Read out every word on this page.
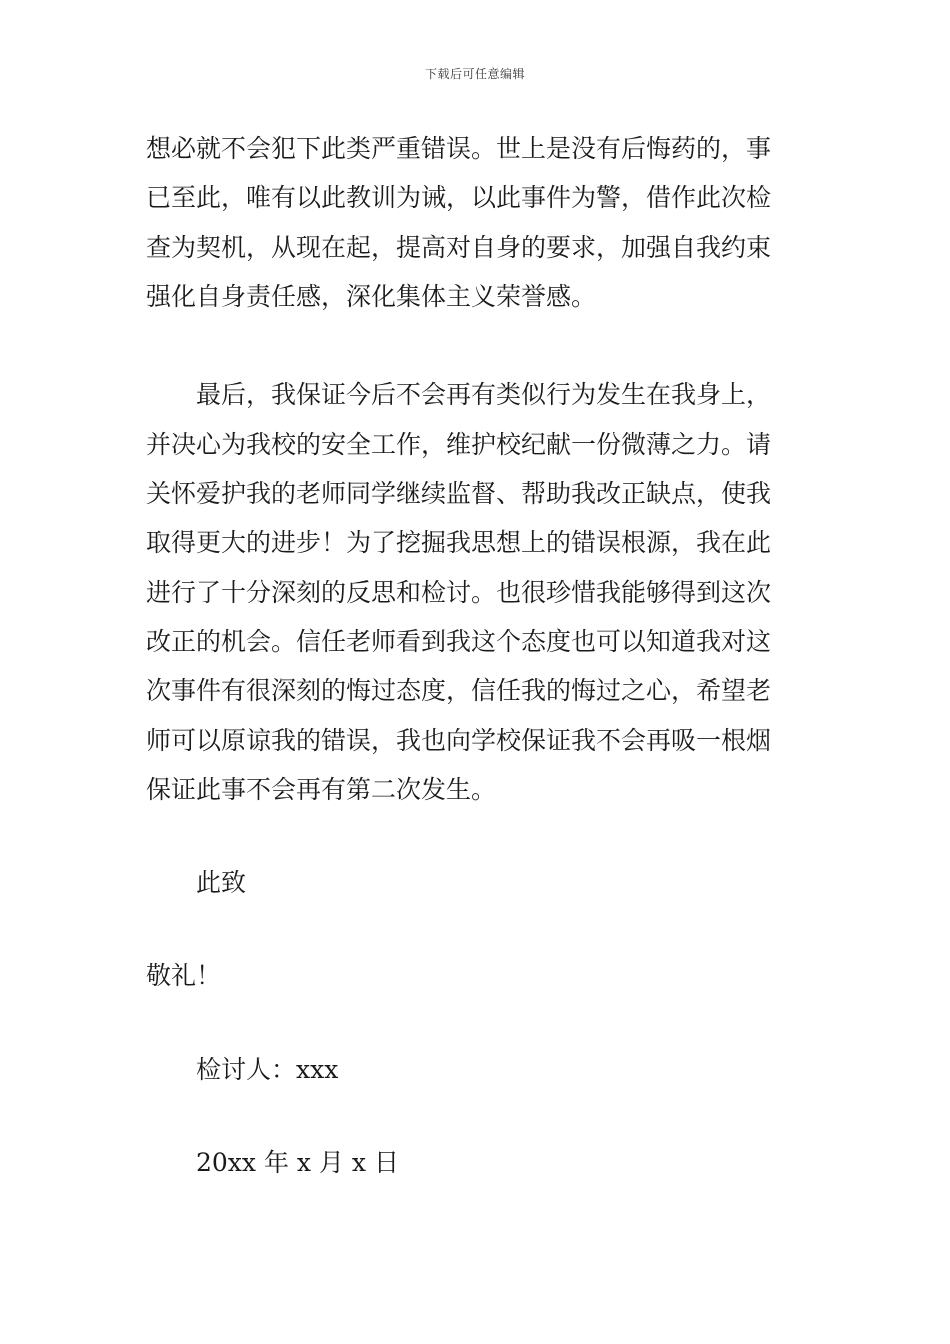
下载后可任意编辑
想必就不会犯下此类严重错误。世上是没有后悔药的，事
已至此，唯有以此教训为诫，以此事件为警，借作此次检
查为契机，从现在起，提高对自身的要求，加强自我约束
强化自身责任感，深化集体主义荣誉感。
最后，我保证今后不会再有类似行为发生在我身上，
并决心为我校的安全工作，维护校纪献一份微薄之力。请
关怀爱护我的老师同学继续监督、帮助我改正缺点，使我
取得更大的进步！为了挖掘我思想上的错误根源，我在此
进行了十分深刻的反思和检讨。也很珍惜我能够得到这次
改正的机会。信任老师看到我这个态度也可以知道我对这
次事件有很深刻的悔过态度，信任我的悔过之心，希望老
师可以原谅我的错误，我也向学校保证我不会再吸一根烟
保证此事不会再有第二次发生。
此致
敬礼！
检讨人：xxx
20xx 年 x 月 x 日
